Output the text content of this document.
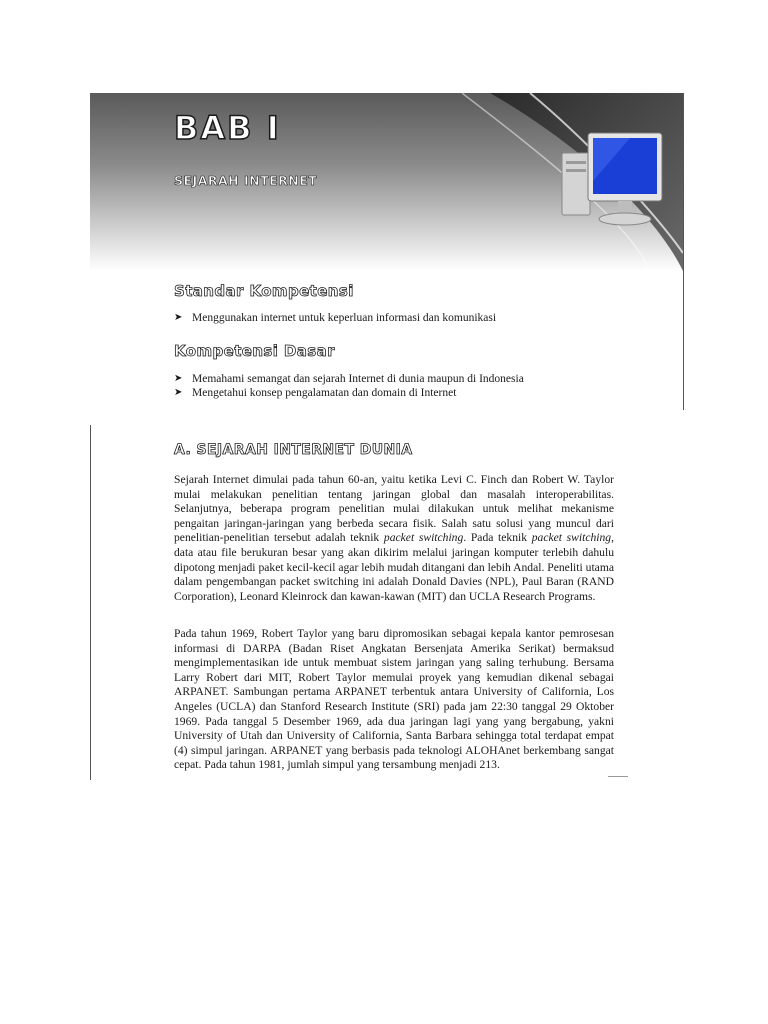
BAB I
SEJARAH INTERNET
Standar Kompetensi
➤ Menggunakan internet untuk keperluan informasi dan komunikasi
Kompetensi Dasar
➤ Memahami semangat dan sejarah Internet di dunia maupun di Indonesia
➤ Mengetahui konsep pengalamatan dan domain di Internet
A. SEJARAH INTERNET DUNIA

Sejarah Internet dimulai pada tahun 60-an, yaitu ketika Levi C. Finch dan Robert W. Taylor mulai melakukan penelitian tentang jaringan global dan masalah interoperabilitas. Selanjutnya, beberapa program penelitian mulai dilakukan untuk melihat mekanisme pengaitan jaringan-jaringan yang berbeda secara fisik. Salah satu solusi yang muncul dari penelitian-penelitian tersebut adalah teknik packet switching. Pada teknik packet switching, data atau file berukuran besar yang akan dikirim melalui jaringan komputer terlebih dahulu dipotong menjadi paket kecil-kecil agar lebih mudah ditangani dan lebih Andal. Peneliti utama dalam pengembangan packet switching ini adalah Donald Davies (NPL), Paul Baran (RAND Corporation), Leonard Kleinrock dan kawan-kawan (MIT) dan UCLA Research Programs.

Pada tahun 1969, Robert Taylor yang baru dipromosikan sebagai kepala kantor pemrosesan informasi di DARPA (Badan Riset Angkatan Bersenjata Amerika Serikat) bermaksud mengimplementasikan ide untuk membuat sistem jaringan yang saling terhubung. Bersama Larry Robert dari MIT, Robert Taylor memulai proyek yang kemudian dikenal sebagai ARPANET. Sambungan pertama ARPANET terbentuk antara University of California, Los Angeles (UCLA) dan Stanford Research Institute (SRI) pada jam 22:30 tanggal 29 Oktober 1969. Pada tanggal 5 Desember 1969, ada dua jaringan lagi yang yang bergabung, yakni University of Utah dan University of California, Santa Barbara sehingga total terdapat empat (4) simpul jaringan. ARPANET yang berbasis pada teknologi ALOHAnet berkembang sangat cepat. Pada tahun 1981, jumlah simpul yang tersambung menjadi 213.
